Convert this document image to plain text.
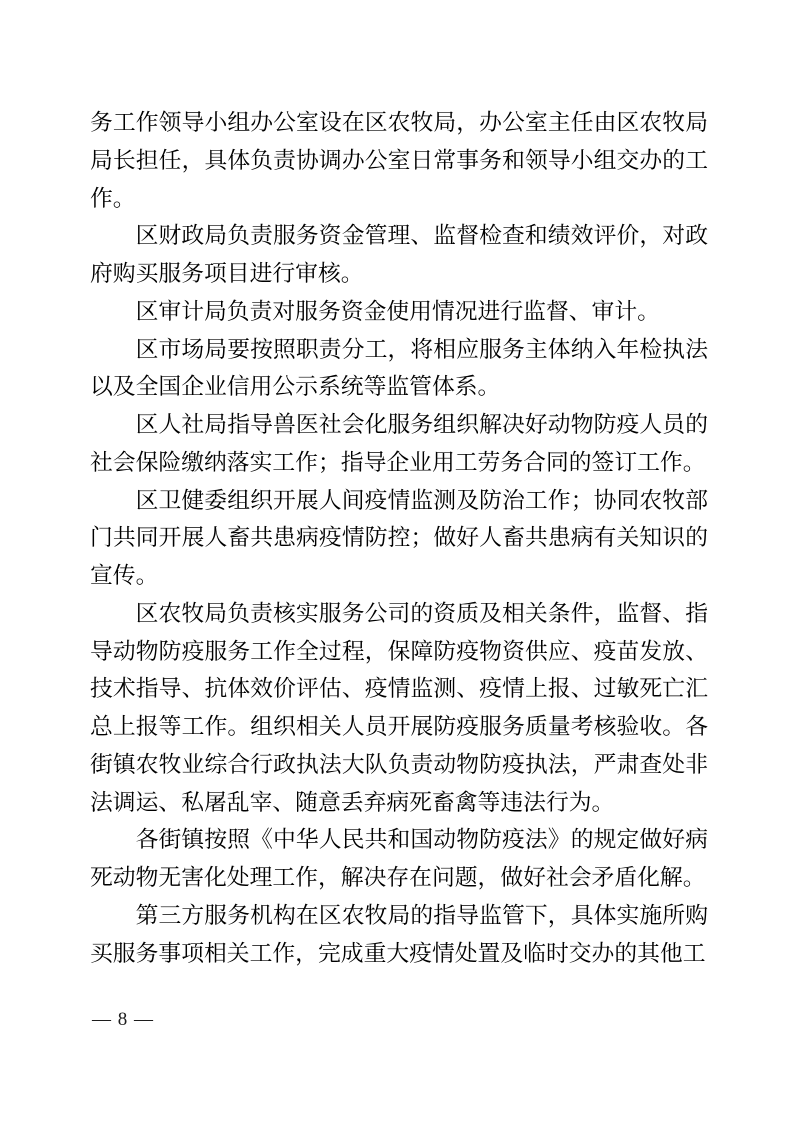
务工作领导小组办公室设在区农牧局，办公室主任由区农牧局局长担任，具体负责协调办公室日常事务和领导小组交办的工作。

区财政局负责服务资金管理、监督检查和绩效评价，对政府购买服务项目进行审核。

区审计局负责对服务资金使用情况进行监督、审计。

区市场局要按照职责分工，将相应服务主体纳入年检执法以及全国企业信用公示系统等监管体系。

区人社局指导兽医社会化服务组织解决好动物防疫人员的社会保险缴纳落实工作；指导企业用工劳务合同的签订工作。

区卫健委组织开展人间疫情监测及防治工作；协同农牧部门共同开展人畜共患病疫情防控；做好人畜共患病有关知识的宣传。

区农牧局负责核实服务公司的资质及相关条件，监督、指导动物防疫服务工作全过程，保障防疫物资供应、疫苗发放、技术指导、抗体效价评估、疫情监测、疫情上报、过敏死亡汇总上报等工作。组织相关人员开展防疫服务质量考核验收。各街镇农牧业综合行政执法大队负责动物防疫执法，严肃查处非法调运、私屠乱宰、随意丢弃病死畜禽等违法行为。

各街镇按照《中华人民共和国动物防疫法》的规定做好病死动物无害化处理工作，解决存在问题，做好社会矛盾化解。

第三方服务机构在区农牧局的指导监管下，具体实施所购买服务事项相关工作，完成重大疫情处置及临时交办的其他工

— 8 —
